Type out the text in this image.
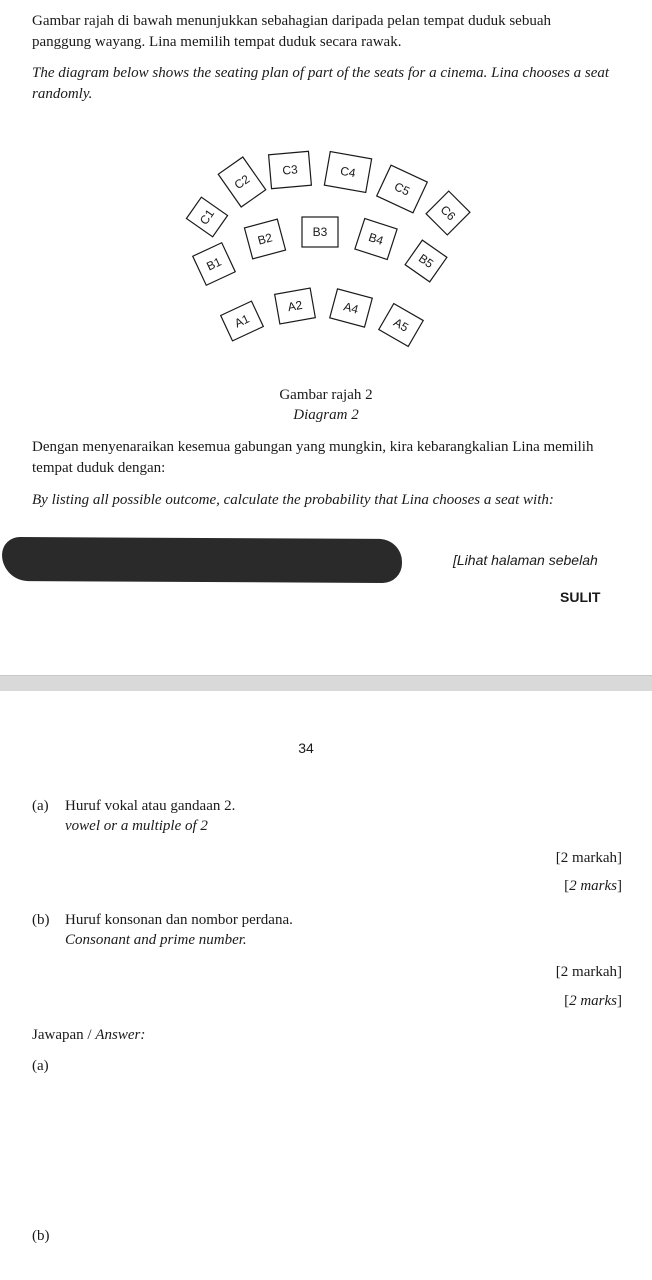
Gambar rajah di bawah menunjukkan sebahagian daripada pelan tempat duduk sebuah panggung wayang. Lina memilih tempat duduk secara rawak.

The diagram below shows the seating plan of part of the seats for a cinema. Lina chooses a seat randomly.

C1
C2
C3	C4
C5
C6
B1
B2	B3	B4
B5
A1
A2	A4
A5

Gambar rajah 2

Diagram 2

Dengan menyenaraikan kesemua gabungan yang mungkin, kira kebarangkalian Lina memilih tempat duduk dengan:

By listing all possible outcome, calculate the probability that Lina chooses a seat with:

[Lihat halaman sebelah

SULIT

34

(a) Huruf vokal atau gandaan 2.

vowel or a multiple of 2

[2 markah]

[2 marks]

(b) Huruf konsonan dan nombor perdana.

Consonant and prime number.

[2 markah]

[2 marks]

Jawapan / Answer:

(a)

(b)
